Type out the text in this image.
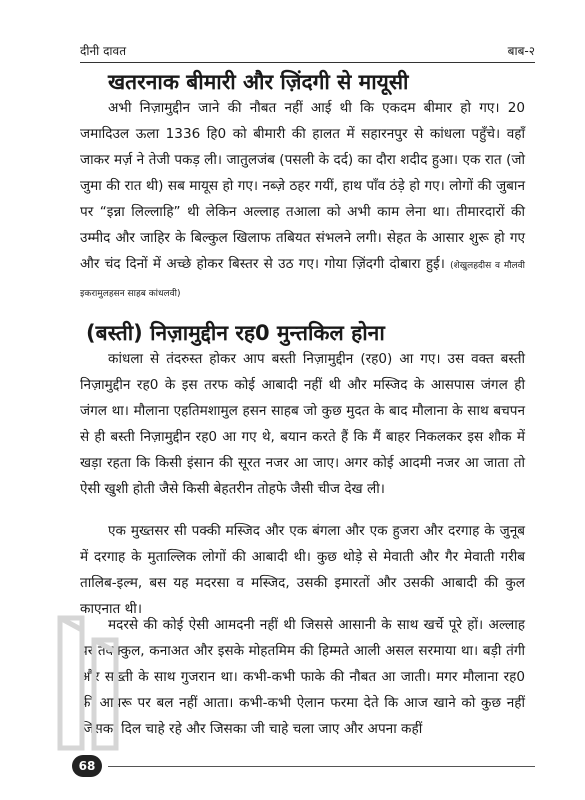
दीनी दावत	बाब-२
खतरनाक बीमारी और ज़िंदगी से मायूसी
अभी निज़ामुद्दीन जाने की नौबत नहीं आई थी कि एकदम बीमार हो गए। 20 जमादिउल ऊला 1336 हि0 को बीमारी की हालत में सहारनपुर से कांधला पहुँचे। वहाँ जाकर मर्ज़ ने तेजी पकड़ ली। जातुलजंब (पसली के दर्द) का दौरा शदीद हुआ। एक रात (जो जुमा की रात थी) सब मायूस हो गए। नब्ज़े ठहर गयीं, हाथ पाँव ठंड़े हो गए। लोगों की जुबान पर “इन्ना लिल्लाहि” थी लेकिन अल्लाह तआला को अभी काम लेना था। तीमारदारों की उम्मीद और जाहिर के बिल्कुल खिलाफ तबियत संभलने लगी। सेहत के आसार शुरू हो गए और चंद दिनों में अच्छे होकर बिस्तर से उठ गए। गोया ज़िंदगी दोबारा हुई। (शेखुलहदीस व मौलवी इकरामुलहसन साहब कांधलवी)
(बस्ती) निज़ामुद्दीन रह0 मुन्तकिल होना
कांधला से तंदरुस्त होकर आप बस्ती निज़ामुद्दीन (रह0) आ गए। उस वक्त बस्ती निज़ामुद्दीन रह0 के इस तरफ कोई आबादी नहीं थी और मस्जिद के आसपास जंगल ही जंगल था। मौलाना एहतिमशामुल हसन साहब जो कुछ मुदत के बाद मौलाना के साथ बचपन से ही बस्ती निज़ामुद्दीन रह0 आ गए थे, बयान करते हैं कि मैं बाहर निकलकर इस शौक में खड़ा रहता कि किसी इंसान की सूरत नजर आ जाए। अगर कोई आदमी नजर आ जाता तो ऐसी खुशी होती जैसे किसी बेहतरीन तोहफे जैसी चीज देख ली।
एक मुख्तसर सी पक्की मस्जिद और एक बंगला और एक हुजरा और दरगाह के जुनूब में दरगाह के मुताल्लिक लोगों की आबादी थी। कुछ थोड़े से मेवाती और गैर मेवाती गरीब तालिब-इल्म, बस यह मदरसा व मस्जिद, उसकी इमारतों और उसकी आबादी की कुल काएनात थी।
मदरसे की कोई ऐसी आमदनी नहीं थी जिससे आसानी के साथ खर्चे पूरे हों। अल्लाह पर तवक्कुल, कनाअत और इसके मोहतमिम की हिम्मते आली असल सरमाया था। बड़ी तंगी और सख्ती के साथ गुजरान था। कभी-कभी फाके की नौबत आ जाती। मगर मौलाना रह0 की आबरू पर बल नहीं आता। कभी-कभी ऐलान फरमा देते कि आज खाने को कुछ नहीं जिसका दिल चाहे रहे और जिसका जी चाहे चला जाए और अपना कहीं
68
